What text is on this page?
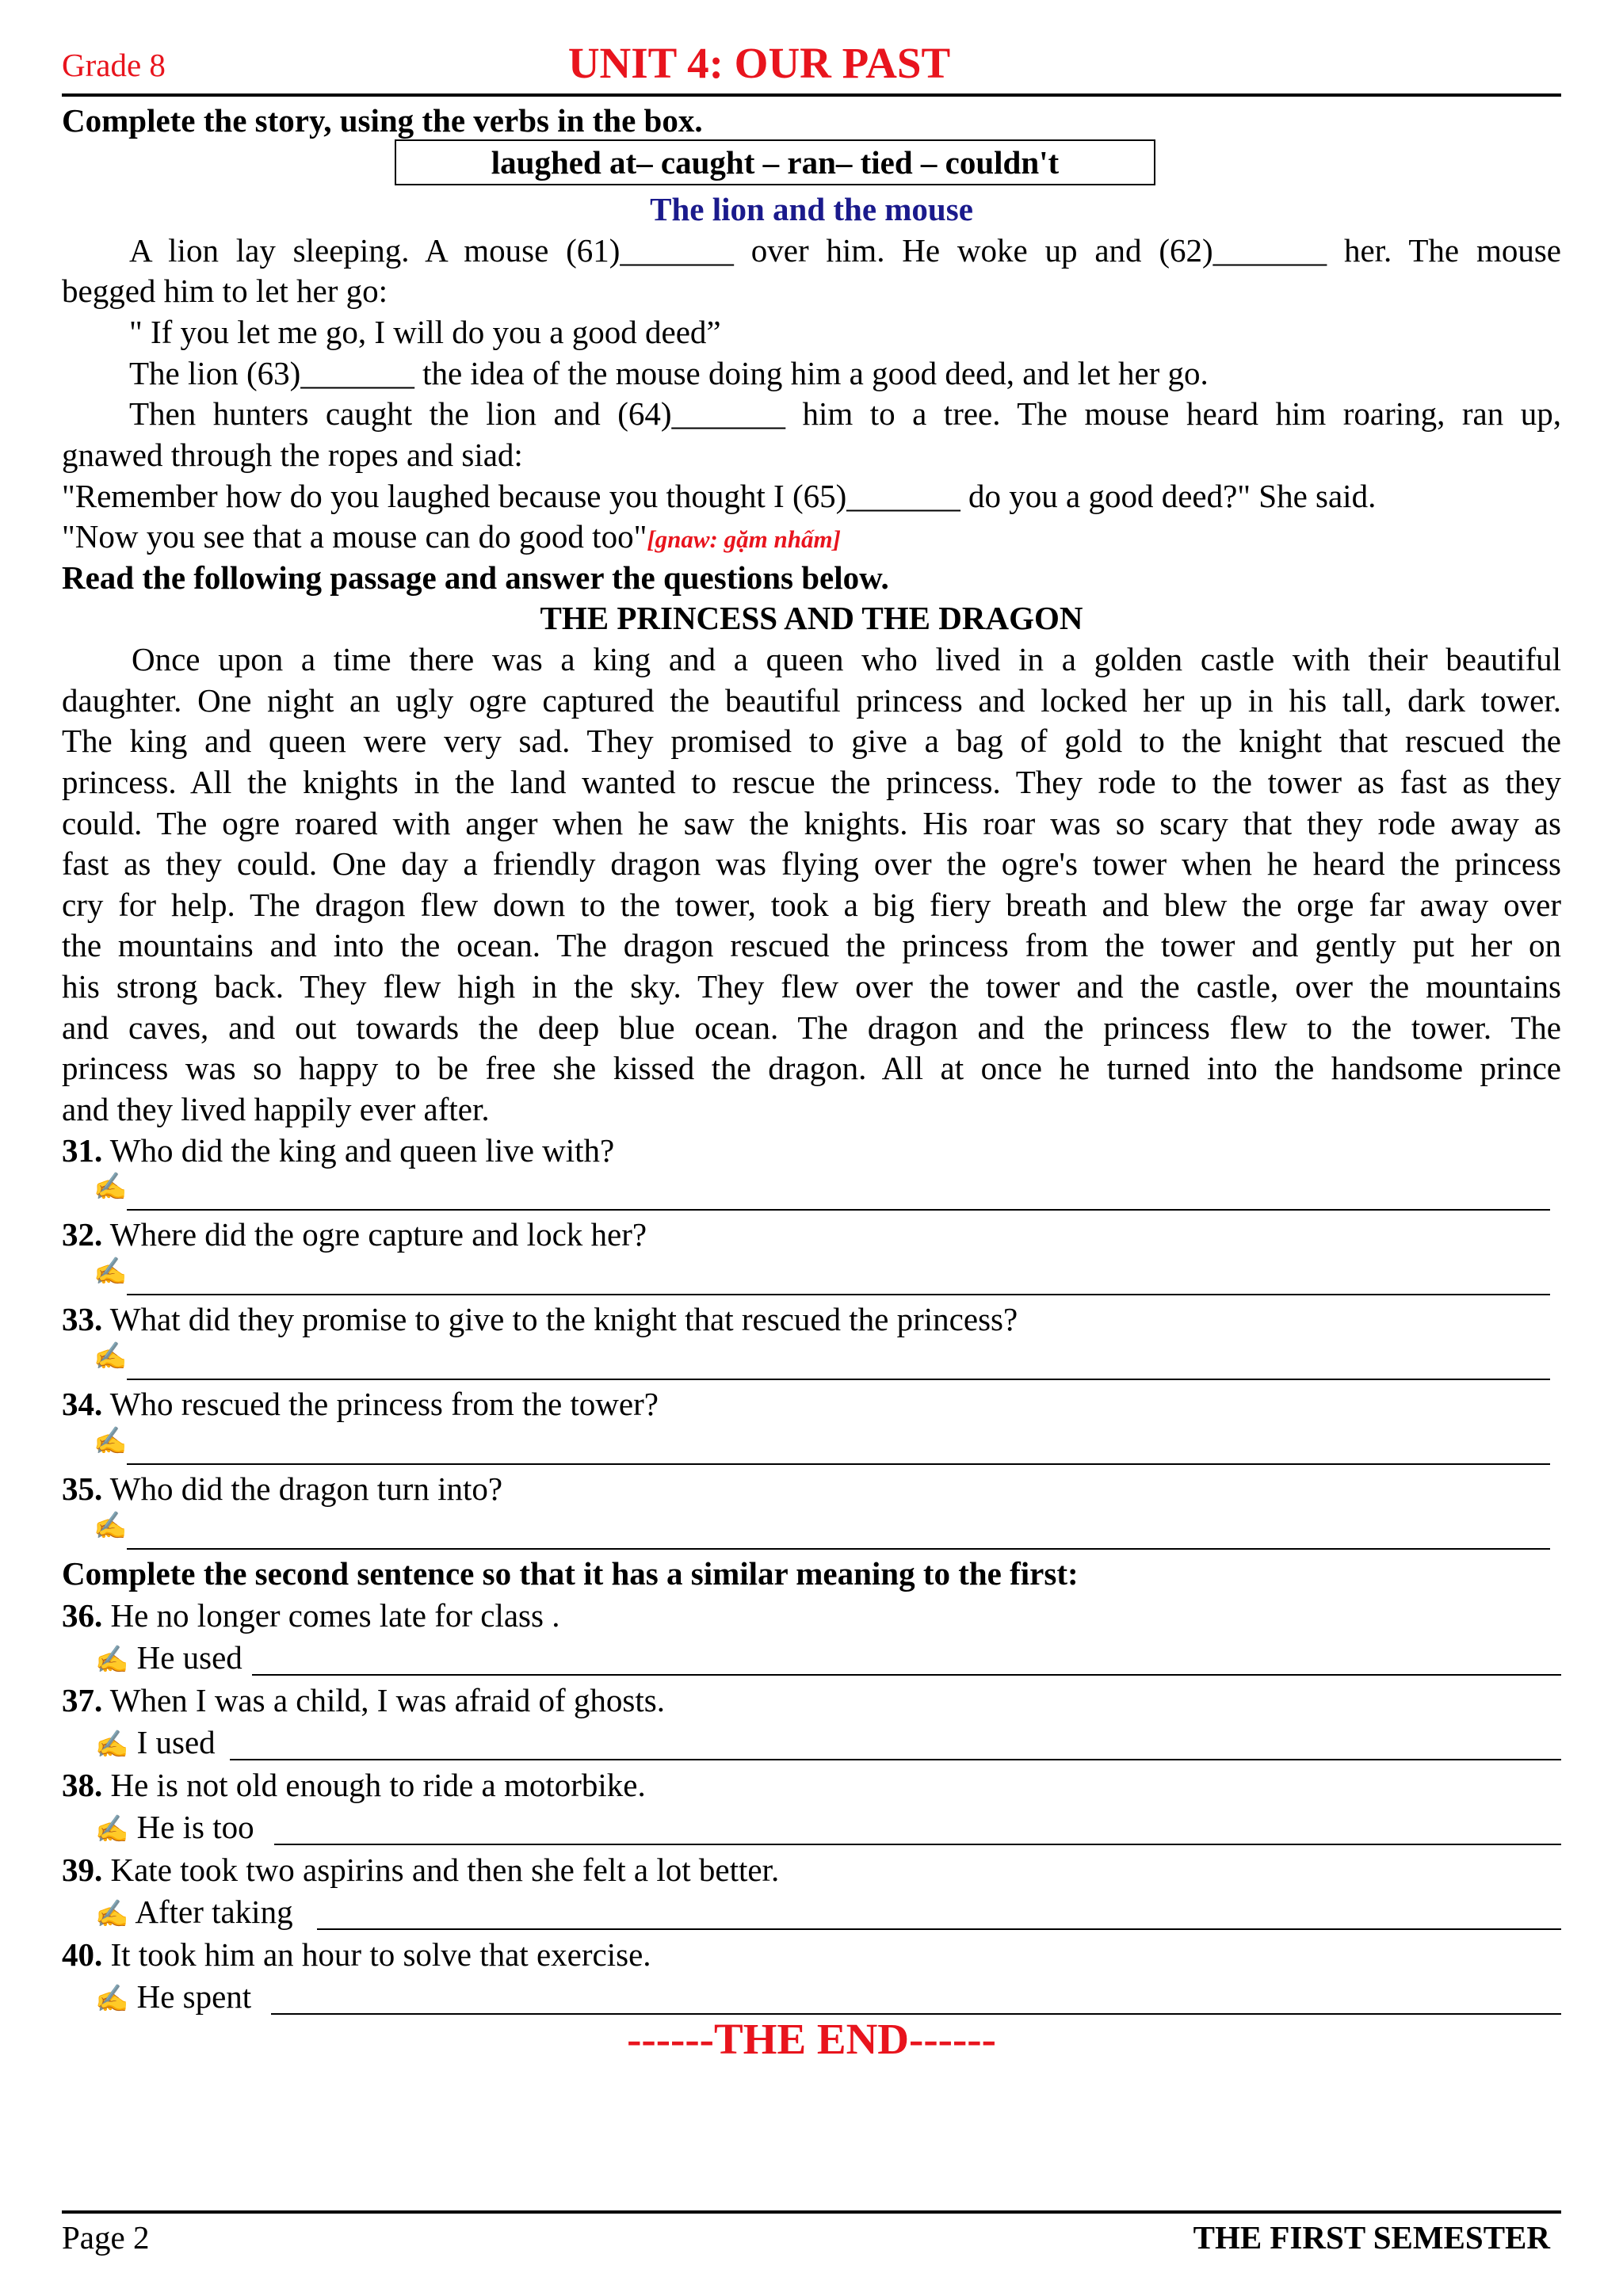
Grade 8	UNIT 4: OUR PAST
Complete the story, using the verbs in the box.
laughed at– caught – ran– tied – couldn't
The lion and the mouse
A lion lay sleeping. A mouse (61)_______ over him. He woke up and (62)_______ her. The mouse
begged him to let her go:
" If you let me go, I will do you a good deed”
The lion (63)_______ the idea of the mouse doing him a good deed, and let her go.
Then hunters caught the lion and (64)_______ him to a tree. The mouse heard him roaring, ran up,
gnawed through the ropes and siad:
"Remember how do you laughed because you thought I (65)_______ do you a good deed?" She said.
"Now you see that a mouse can do good too"[gnaw: gặm nhấm]
Read the following passage and answer the questions below.
THE PRINCESS AND THE DRAGON
Once upon a time there was a king and a queen who lived in a golden castle with their beautiful
daughter. One night an ugly ogre captured the beautiful princess and locked her up in his tall, dark tower.
The king and queen were very sad. They promised to give a bag of gold to the knight that rescued the
princess. All the knights in the land wanted to rescue the princess. They rode to the tower as fast as they
could. The ogre roared with anger when he saw the knights. His roar was so scary that they rode away as
fast as they could. One day a friendly dragon was flying over the ogre's tower when he heard the princess
cry for help. The dragon flew down to the tower, took a big fiery breath and blew the orge far away over
the mountains and into the ocean. The dragon rescued the princess from the tower and gently put her on
his strong back. They flew high in the sky. They flew over the tower and the castle, over the mountains
and caves, and out towards the deep blue ocean. The dragon and the princess flew to the tower. The
princess was so happy to be free she kissed the dragon. All at once he turned into the handsome prince
and they lived happily ever after.
31. Who did the king and queen live with?
✍
32. Where did the ogre capture and lock her?
✍
33. What did they promise to give to the knight that rescued the princess?
✍
34. Who rescued the princess from the tower?
✍
35. Who did the dragon turn into?
✍
Complete the second sentence so that it has a similar meaning to the first:
36. He no longer comes late for class .
✍ He used
37. When I was a child, I was afraid of ghosts.
✍ I used
38. He is not old enough to ride a motorbike.
✍ He is too
39. Kate took two aspirins and then she felt a lot better.
✍ After taking
40. It took him an hour to solve that exercise.
✍ He spent
------THE END------
Page 2	THE FIRST SEMESTER
